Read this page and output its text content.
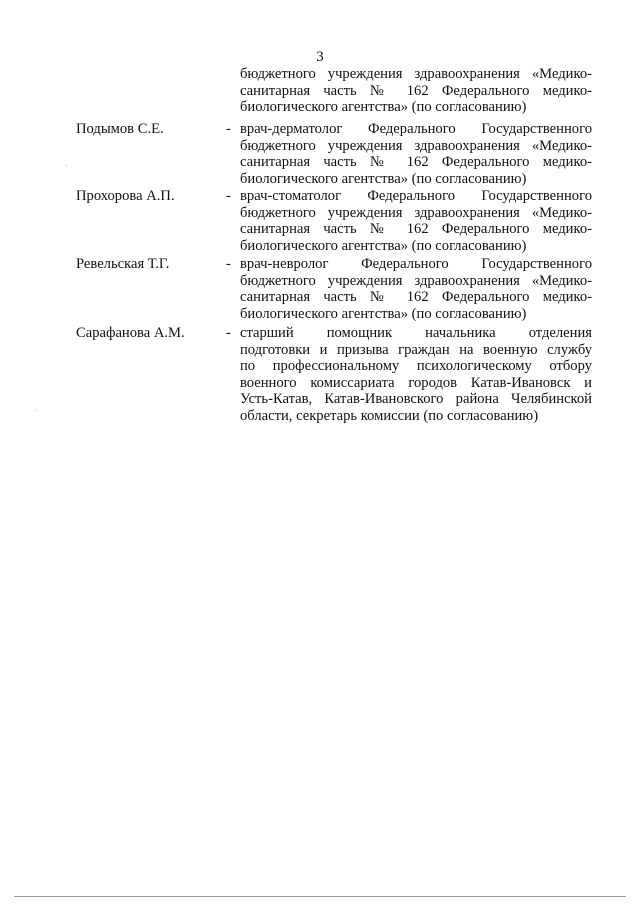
3
бюджетного учреждения здравоохранения «Медико-
санитарная часть № 162 Федерального медико-
биологического агентства» (по согласованию)
Подымов С.Е.	- врач-дерматолог Федерального Государственного
бюджетного учреждения здравоохранения «Медико-
санитарная часть № 162 Федерального медико-
биологического агентства» (по согласованию)
Прохорова А.П.	- врач-стоматолог Федерального Государственного
бюджетного учреждения здравоохранения «Медико-
санитарная часть № 162 Федерального медико-
биологического агентства» (по согласованию)
Ревельская Т.Г.	- врач-невролог Федерального Государственного
бюджетного учреждения здравоохранения «Медико-
санитарная часть № 162 Федерального медико-
биологического агентства» (по согласованию)
Сарафанова А.М.	- старший помощник начальника отделения
подготовки и призыва граждан на военную службу
по профессиональному психологическому отбору
военного комиссариата городов Катав-Ивановск и
Усть-Катав, Катав-Ивановского района Челябинской
области, секретарь комиссии (по согласованию)
